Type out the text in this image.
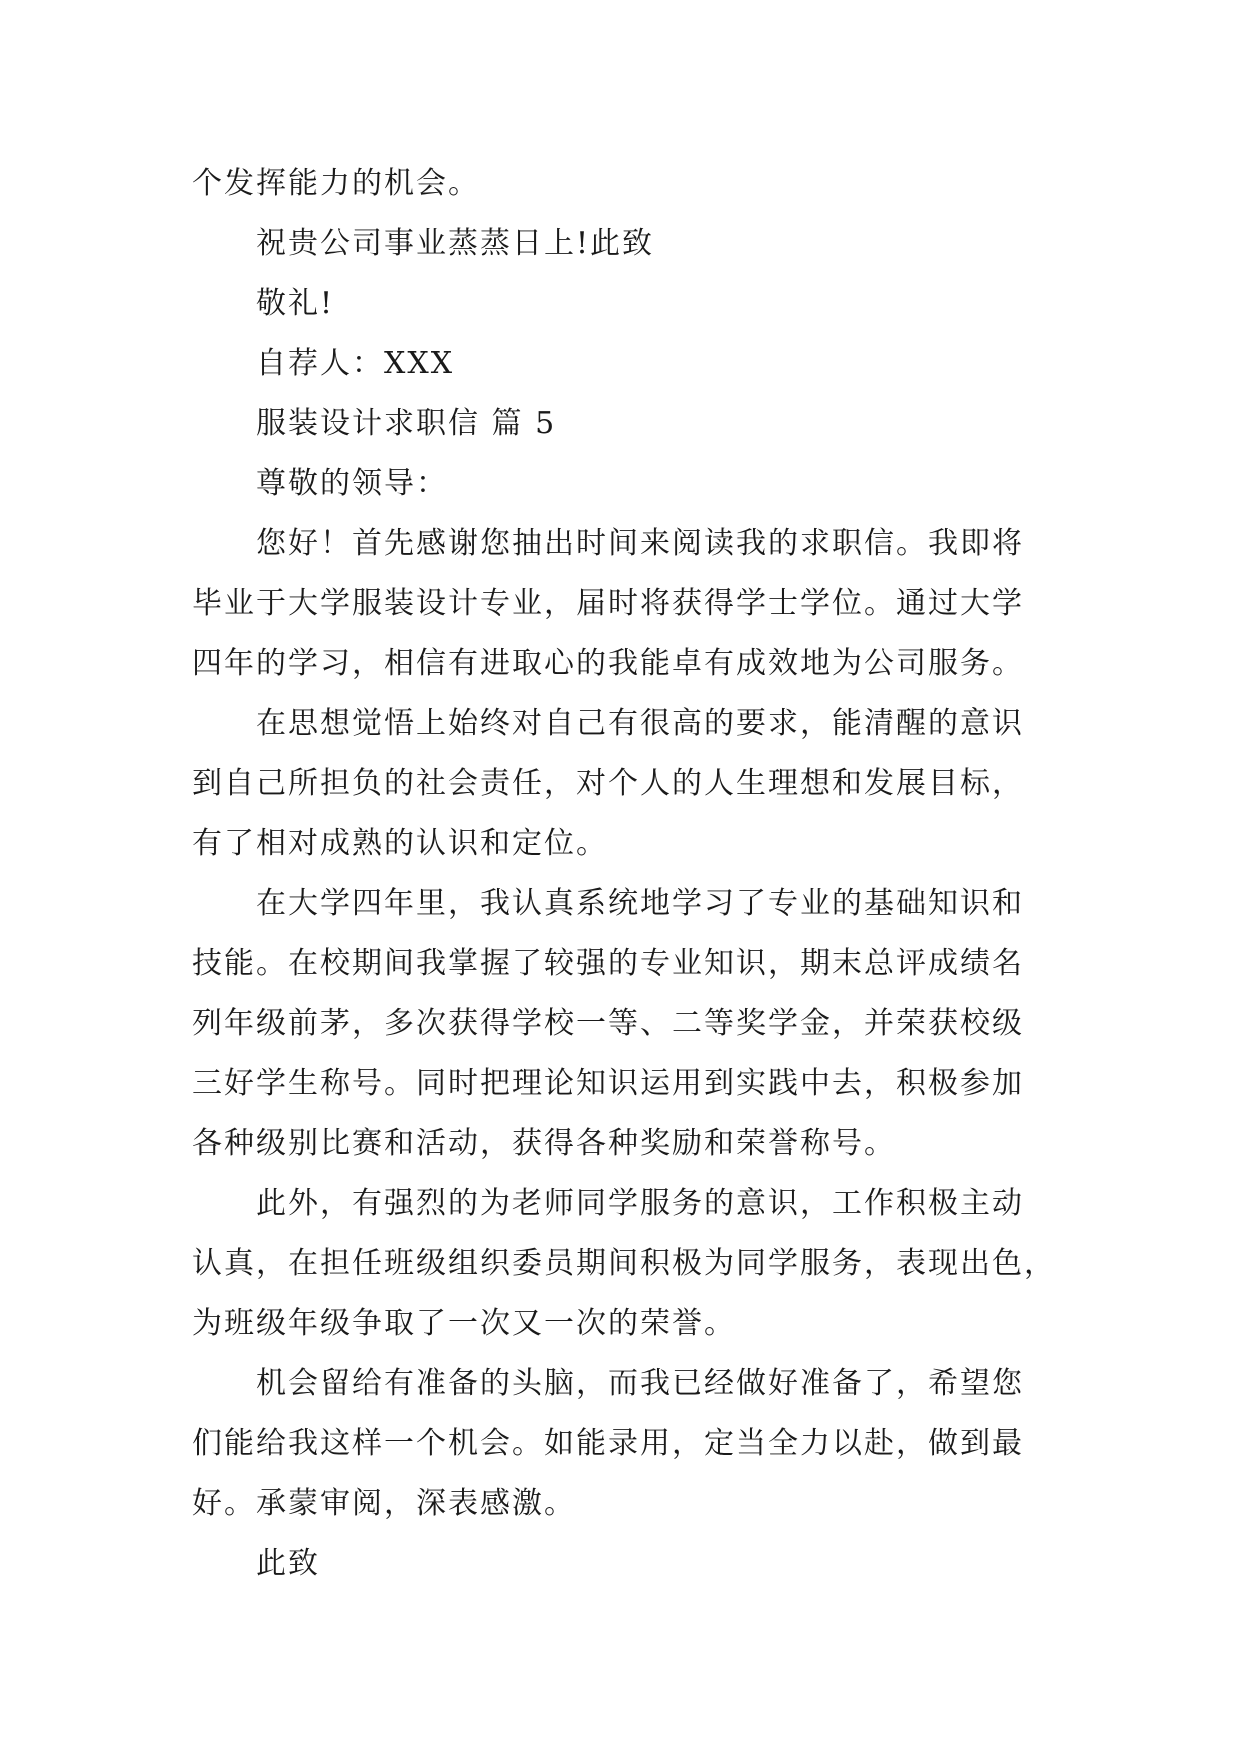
个发挥能力的机会。
祝贵公司事业蒸蒸日上!此致
敬礼!
自荐人：XXX
服装设计求职信 篇 5
尊敬的领导：
您好！首先感谢您抽出时间来阅读我的求职信。我即将
毕业于大学服装设计专业，届时将获得学士学位。通过大学
四年的学习，相信有进取心的我能卓有成效地为公司服务。
在思想觉悟上始终对自己有很高的要求，能清醒的意识
到自己所担负的社会责任，对个人的人生理想和发展目标，
有了相对成熟的认识和定位。
在大学四年里，我认真系统地学习了专业的基础知识和
技能。在校期间我掌握了较强的专业知识，期末总评成绩名
列年级前茅，多次获得学校一等、二等奖学金，并荣获校级
三好学生称号。同时把理论知识运用到实践中去，积极参加
各种级别比赛和活动，获得各种奖励和荣誉称号。
此外，有强烈的为老师同学服务的意识，工作积极主动
认真，在担任班级组织委员期间积极为同学服务，表现出色，
为班级年级争取了一次又一次的荣誉。
机会留给有准备的头脑，而我已经做好准备了，希望您
们能给我这样一个机会。如能录用，定当全力以赴，做到最
好。承蒙审阅，深表感激。
此致
